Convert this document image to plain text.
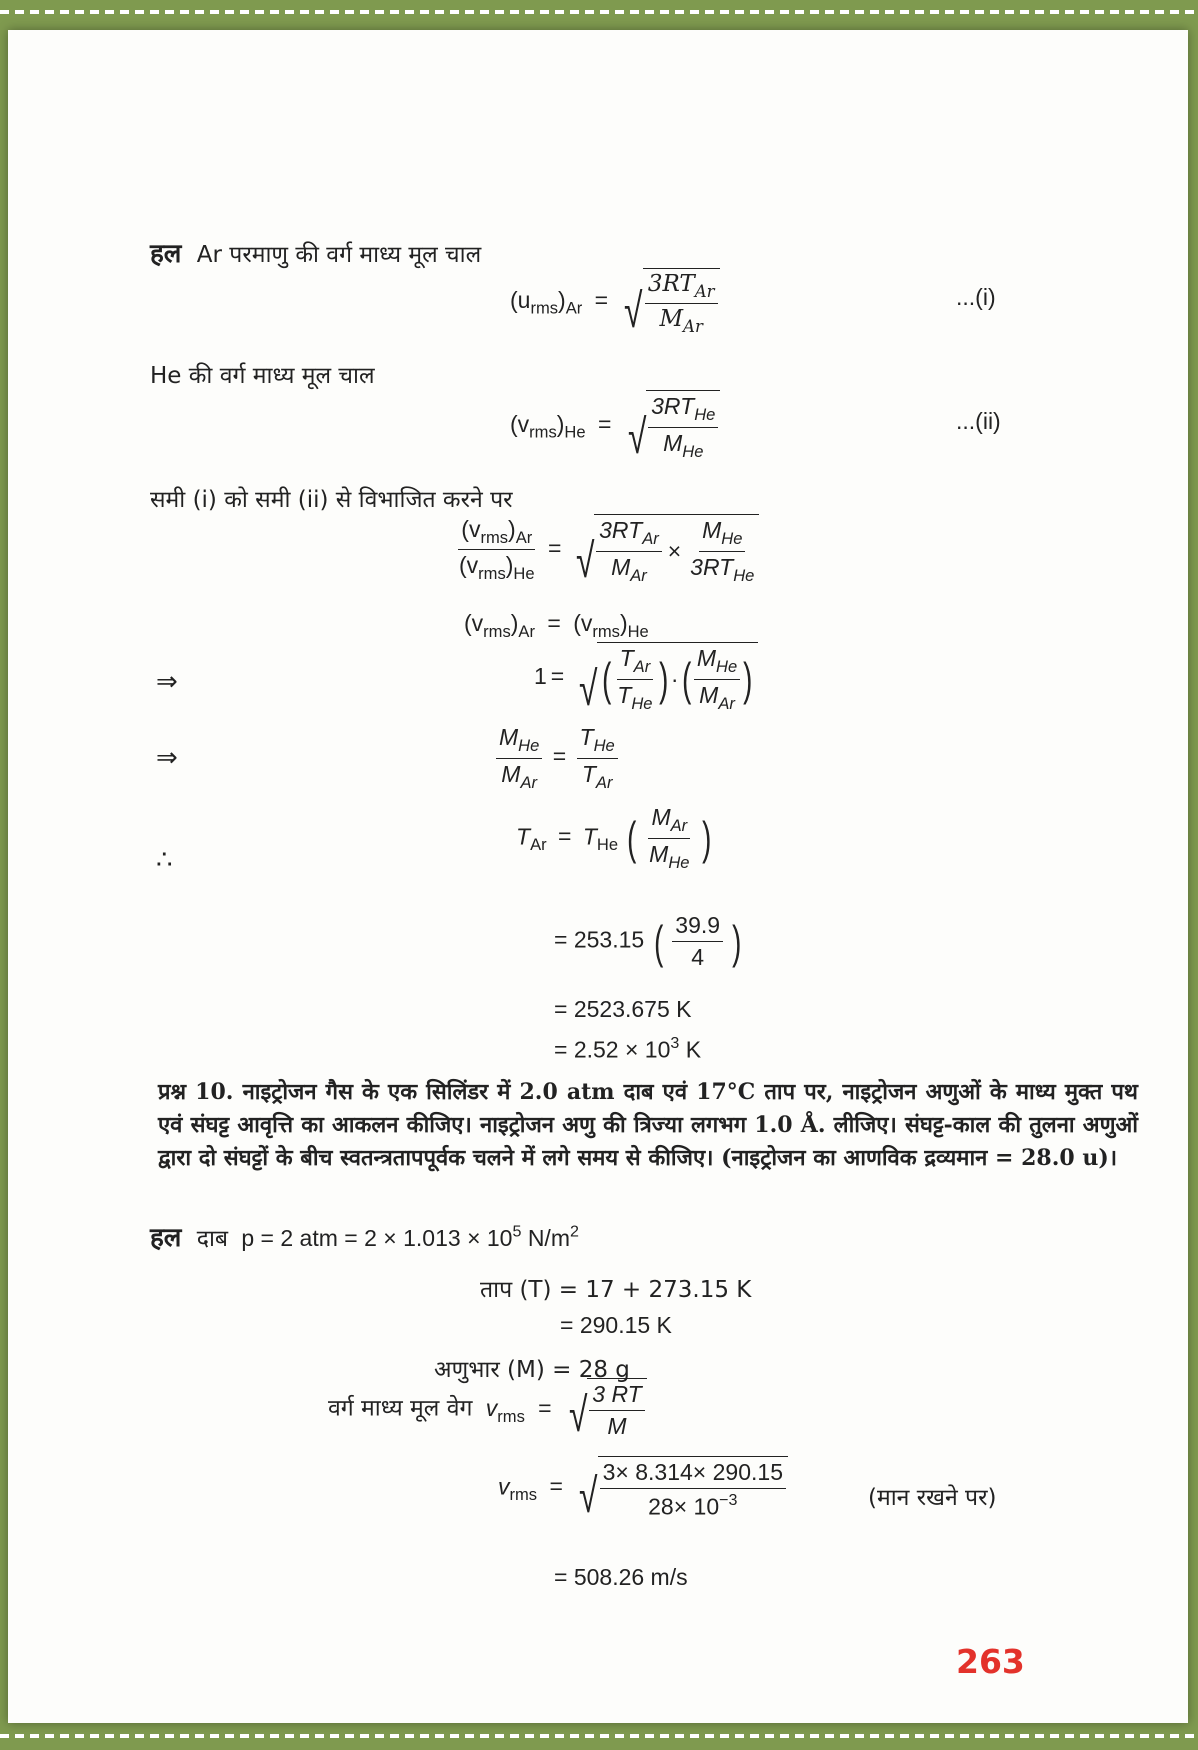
हल Ar परमाणु की वर्ग माध्य मूल चाल
$(u_{rms})_{Ar}$ = √ $\frac{3RT_{Ar}}{M_{Ar}}$	...(i)
He की वर्ग माध्य मूल चाल
$(v_{rms})_{He}$ = √ $\frac{3RT_{He}}{M_{He}}$	...(ii)
समी (i) को समी (ii) से विभाजित करने पर
$\frac{(v_{rms})_{Ar}}{(v_{rms})_{He}}$ = √ $\frac{3RT_{Ar}}{M_{Ar}} \times \frac{M_{He}}{3RT_{He}}$
$(v_{rms})_{Ar} = (v_{rms})_{He}$
⇒	1 = √ ( $\frac{T_{Ar}}{T_{He}}$ ) · ( $\frac{M_{He}}{M_{Ar}}$ )
⇒	$\frac{M_{He}}{M_{Ar}} = \frac{T_{He}}{T_{Ar}}$
∴
$T_{Ar} = T_{He}$ ( $\frac{M_{Ar}}{M_{He}}$ )
= 253.15 ( $\frac{39.9}{4}$ )
= 2523.675 K
= $2.52 \times 10^3$ K
प्रश्न 10. नाइट्रोजन गैस के एक सिलिंडर में 2.0 atm दाब एवं 17°C ताप पर, नाइट्रोजन अणुओं के माध्य मुक्त पथ एवं संघट्ट आवृत्ति का आकलन कीजिए। नाइट्रोजन अणु की त्रिज्या लगभग 1.0 Å. लीजिए। संघट्ट-काल की तुलना अणुओं द्वारा दो संघट्टों के बीच स्वतन्त्रतापपूर्वक चलने में लगे समय से कीजिए। (नाइट्रोजन का आणविक द्रव्यमान = 28.0 u)।
हल दाब p = 2 atm = $2 \times 1.013 \times 10^5$ $N/m^2$
ताप (T) = 17 + 273.15 K
= 290.15 K
अणुभार (M) = 28 g
वर्ग माध्य मूल वेग $v_{rms}$ = √ $\frac{3 RT}{M}$
$v_{rms}$ = √ $\frac{3\times 8.314\times 290.15}{28\times 10^{-3}}$	(मान रखने पर)
= 508.26 m/s
263
